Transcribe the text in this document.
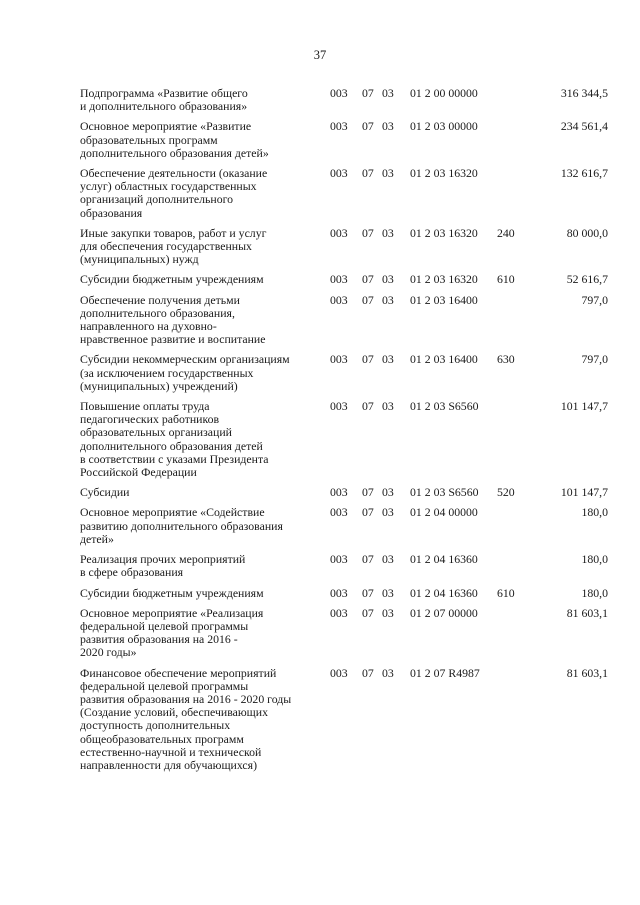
37
Подпрограмма «Развитие общего
и дополнительного образования»
003 07 03 01 2 00 00000	316 344,5
Основное мероприятие «Развитие
образовательных программ
дополнительного образования детей»
003 07 03 01 2 03 00000	234 561,4
Обеспечение деятельности (оказание
услуг) областных государственных
организаций дополнительного
образования
003 07 03 01 2 03 16320	132 616,7
Иные закупки товаров, работ и услуг
для обеспечения государственных
(муниципальных) нужд
003 07 03 01 2 03 16320 240	80 000,0
Субсидии бюджетным учреждениям	003 07 03 01 2 03 16320 610	52 616,7
Обеспечение получения детьми
дополнительного образования,
направленного на духовно-
нравственное развитие и воспитание
003 07 03 01 2 03 16400	797,0
Субсидии некоммерческим организациям
(за исключением государственных
(муниципальных) учреждений)
003 07 03 01 2 03 16400 630	797,0
Повышение оплаты труда
педагогических работников
образовательных организаций
дополнительного образования детей
в соответствии с указами Президента
Российской Федерации
003 07 03 01 2 03 S6560	101 147,7
Субсидии	003 07 03 01 2 03 S6560 520	101 147,7
Основное мероприятие «Содействие
развитию дополнительного образования
детей»
003 07 03 01 2 04 00000	180,0
Реализация прочих мероприятий
в сфере образования
003 07 03 01 2 04 16360	180,0
Субсидии бюджетным учреждениям	003 07 03 01 2 04 16360 610	180,0
Основное мероприятие «Реализация
федеральной целевой программы
развития образования на 2016 -
2020 годы»
003 07 03 01 2 07 00000	81 603,1
Финансовое обеспечение мероприятий
федеральной целевой программы
развития образования на 2016 - 2020 годы
(Создание условий, обеспечивающих
доступность дополнительных
общеобразовательных программ
естественно-научной и технической
направленности для обучающихся)
003 07 03 01 2 07 R4987	81 603,1
